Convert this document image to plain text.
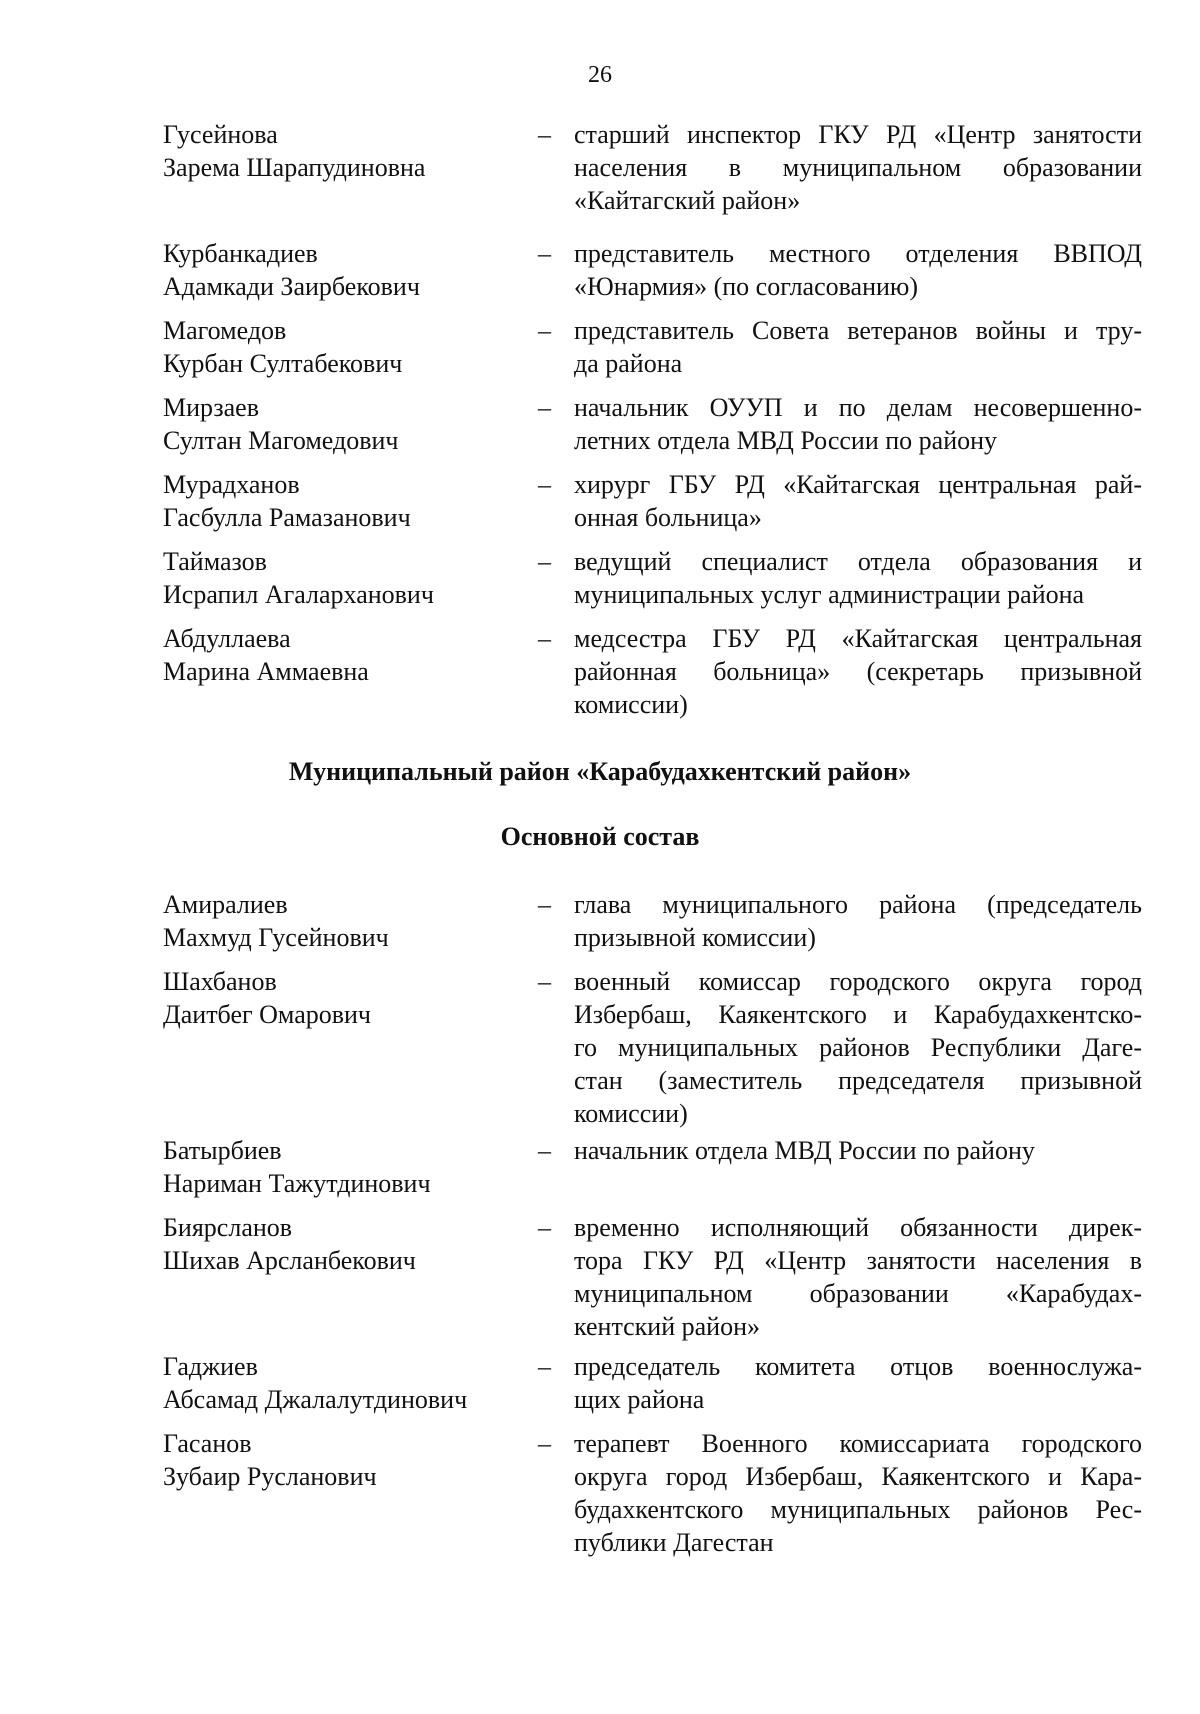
26
Гусейнова
Зарема Шарапудиновна
– старший инспектор ГКУ РД «Центр занятости
населения в муниципальном образовании
«Кайтагский район»
Курбанкадиев
Адамкади Заирбекович
– представитель местного отделения ВВПОД
«Юнармия» (по согласованию)
Магомедов
Курбан Султабекович
– представитель Совета ветеранов войны и тру-
да района
Мирзаев
Султан Магомедович
– начальник ОУУП и по делам несовершенно-
летних отдела МВД России по району
Мурадханов
Гасбулла Рамазанович
– хирург ГБУ РД «Кайтагская центральная рай-
онная больница»
Таймазов
Исрапил Агаларханович
– ведущий специалист отдела образования и
муниципальных услуг администрации района
Абдуллаева
Марина Аммаевна
– медсестра ГБУ РД «Кайтагская центральная
районная больница» (секретарь призывной
комиссии)
Муниципальный район «Карабудахкентский район»
Основной состав
Амиралиев
Махмуд Гусейнович
– глава муниципального района (председатель
призывной комиссии)
Шахбанов
Даитбег Омарович
– военный комиссар городского округа город
Избербаш, Каякентского и Карабудахкентско-
го муниципальных районов Республики Даге-
стан (заместитель председателя призывной
комиссии)
Батырбиев
Нариман Тажутдинович
– начальник отдела МВД России по району
Биярсланов
Шихав Арсланбекович
– временно исполняющий обязанности дирек-
тора ГКУ РД «Центр занятости населения в
муниципальном образовании «Карабудах-
кентский район»
Гаджиев
Абсамад Джалалутдинович
– председатель комитета отцов военнослужа-
щих района
Гасанов
Зубаир Русланович
– терапевт Военного комиссариата городского
округа город Избербаш, Каякентского и Кара-
будахкентского муниципальных районов Рес-
публики Дагестан
